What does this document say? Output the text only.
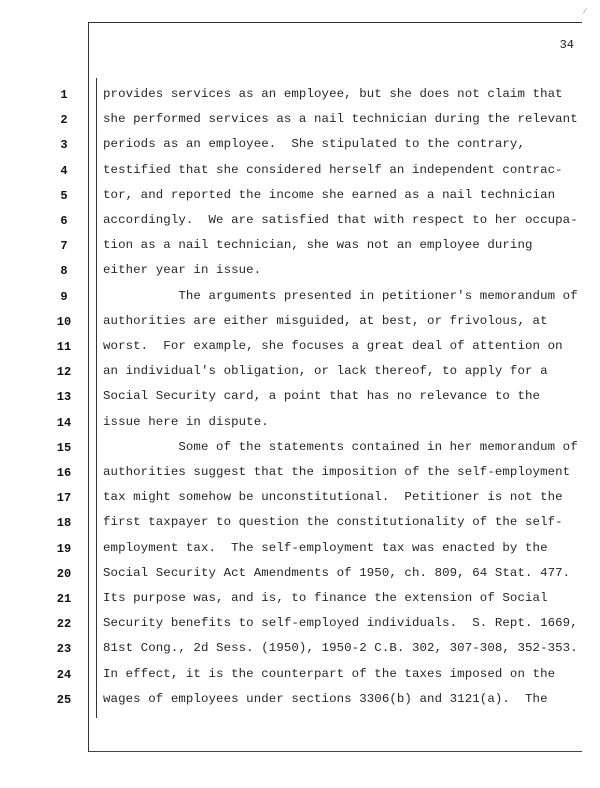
34
1	provides services as an employee, but she does not claim that
2	she performed services as a nail technician during the relevant
3	periods as an employee.  She stipulated to the contrary,
4	testified that she considered herself an independent contrac-
5	tor, and reported the income she earned as a nail technician
6	accordingly.  We are satisfied that with respect to her occupa-
7	tion as a nail technician, she was not an employee during
8	either year in issue.
9	The arguments presented in petitioner's memorandum of
10	authorities are either misguided, at best, or frivolous, at
11	worst.  For example, she focuses a great deal of attention on
12	an individual's obligation, or lack thereof, to apply for a
13	Social Security card, a point that has no relevance to the
14	issue here in dispute.
15	Some of the statements contained in her memorandum of
16	authorities suggest that the imposition of the self-employment
17	tax might somehow be unconstitutional.  Petitioner is not the
18	first taxpayer to question the constitutionality of the self-
19	employment tax.  The self-employment tax was enacted by the
20	Social Security Act Amendments of 1950, ch. 809, 64 Stat. 477.
21	Its purpose was, and is, to finance the extension of Social
22	Security benefits to self-employed individuals.  S. Rept. 1669,
23	81st Cong., 2d Sess. (1950), 1950-2 C.B. 302, 307-308, 352-353.
24	In effect, it is the counterpart of the taxes imposed on the
25	wages of employees under sections 3306(b) and 3121(a).  The
